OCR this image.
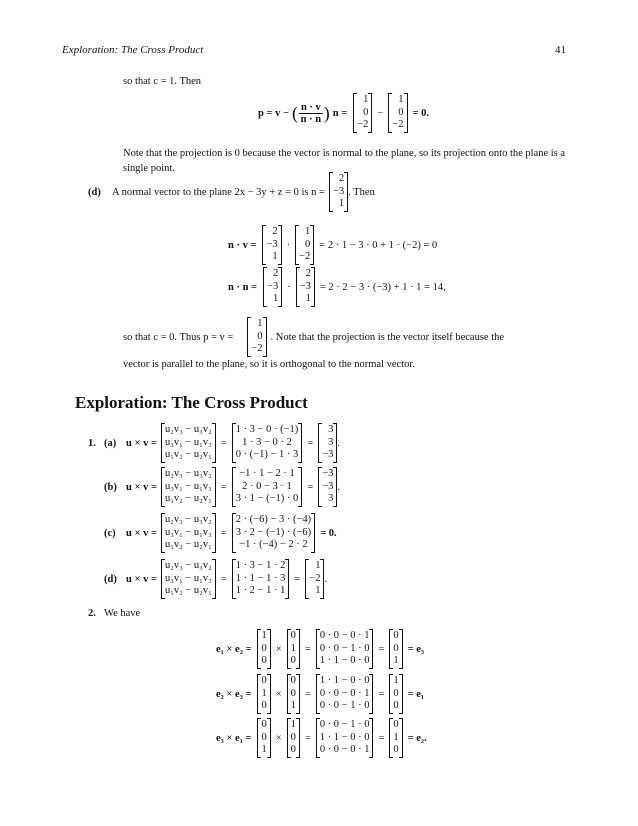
Exploration: The Cross Product	41
so that c = 1. Then
p = v − ( $\frac{n \cdot v}{n \cdot n}$ ) n =
1
0
−2
−
1
0
−2
= 0.
Note that the projection is 0 because the vector is normal to the plane, so its projection onto the plane is a single point.
(d)	A normal vector to the plane 2x − 3y + z = 0 is n =
2
−3
1
. Then
n · v =
2
−3
1
·
1
0
−2
= 2 · 1 − 3 · 0 + 1 · (−2) = 0
n · n =
2
−3
1
·
2
−3
1
= 2 · 2 − 3 · (−3) + 1 · 1 = 14,
so that c = 0. Thus p = v =
1
0
−2
. Note that the projection is the vector itself because the
vector is parallel to the plane, so it is orthogonal to the normal vector.
Exploration: The Cross Product
1. (a) u × v =
u₂v₃ − u₃v₂
u₃v₁ − u₁v₃
u₁v₂ − u₂v₁
=
1 · 3 − 0 · (−1)
1 · 3 − 0 · 2
0 · (−1) − 1 · 3
=
3
3
−3
.
(b) u × v =
u₂v₃ − u₃v₂
u₃v₁ − u₁v₃
u₁v₂ − u₂v₁
=
−1 · 1 − 2 · 1
2 · 0 − 3 · 1
3 · 1 − (−1) · 0
=
−3
−3
3
.
(c) u × v =
u₂v₃ − u₃v₂
u₃v₁ − u₁v₃
u₁v₂ − u₂v₁
=
2 · (−6) − 3 · (−4)
3 · 2 − (−1) · (−6)
−1 · (−4) − 2 · 2
= 0.
(d) u × v =
u₂v₃ − u₃v₂
u₃v₁ − u₁v₃
u₁v₂ − u₂v₁
=
1 · 3 − 1 · 2
1 · 1 − 1 · 3
1 · 2 − 1 · 1
=
1
−2
1
.
2. We have
e₁ × e₂ =
1
0
0
×
0
1
0
=
0 · 0 − 0 · 1
0 · 0 − 1 · 0
1 · 1 − 0 · 0
=
0
0
1
= e₃
e₂ × e₃ =
0
1
0
×
0
0
1
=
1 · 1 − 0 · 0
0 · 0 − 0 · 1
0 · 0 − 1 · 0
=
1
0
0
= e₁
e₃ × e₁ =
0
0
1
×
1
0
0
=
0 · 0 − 1 · 0
1 · 1 − 0 · 0
0 · 0 − 0 · 1
=
0
1
0
= e₂.
